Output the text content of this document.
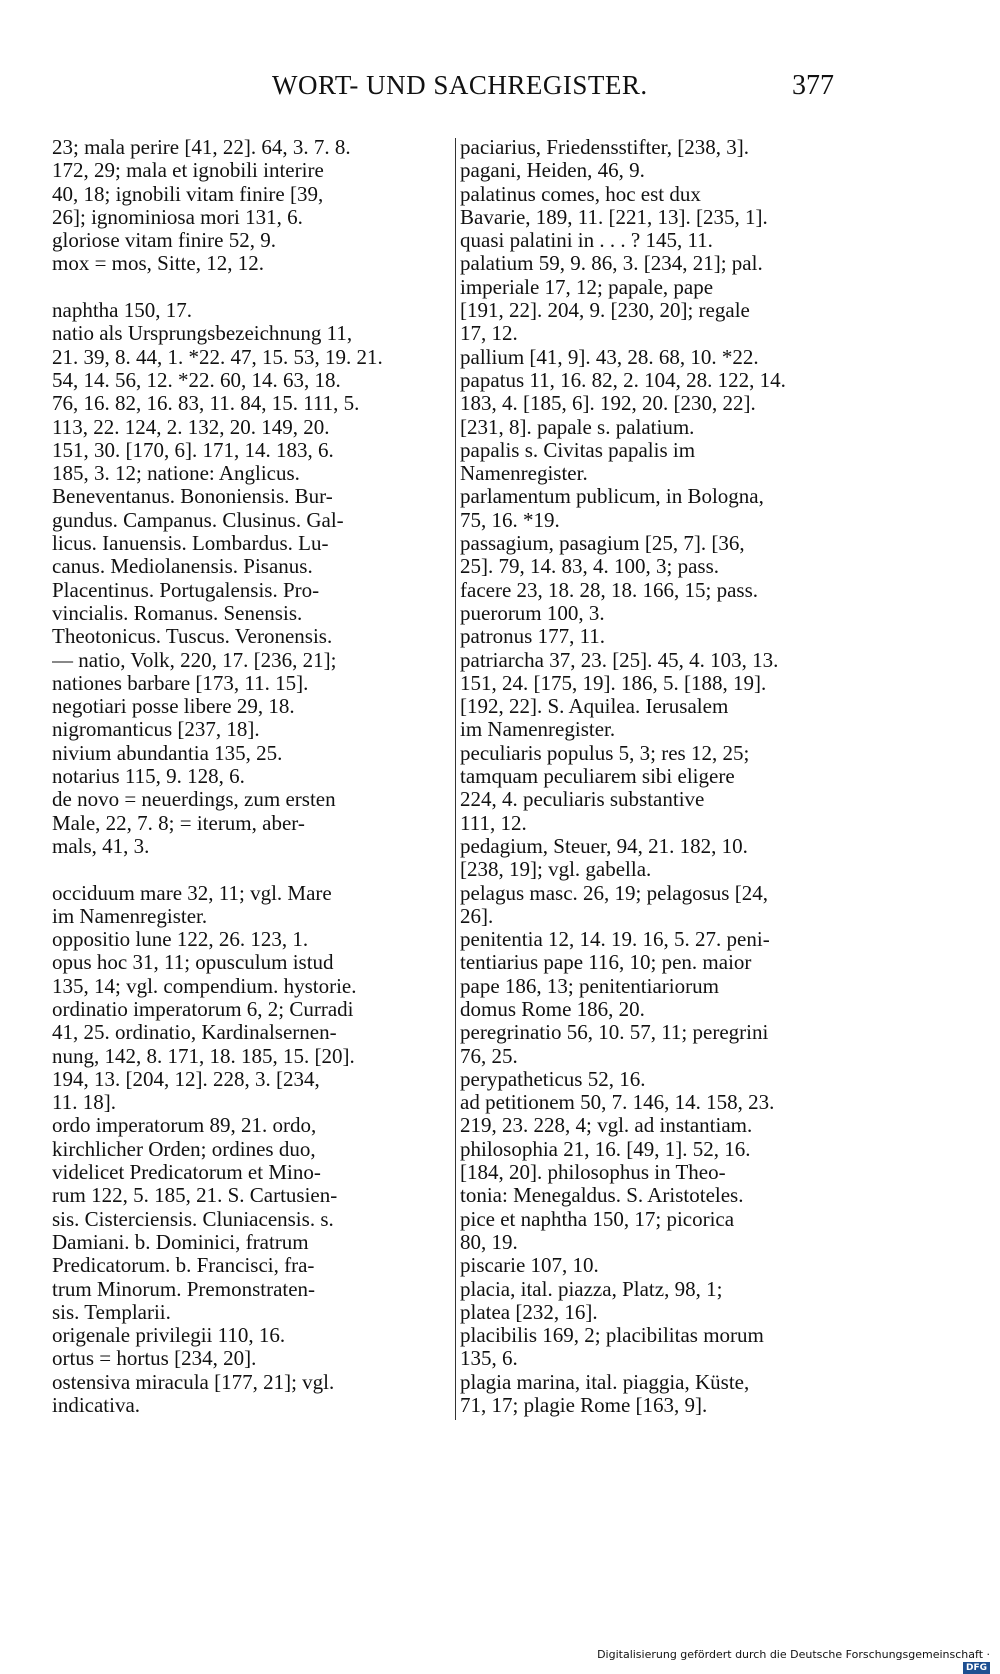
WORT- UND SACHREGISTER.	377
23; mala perire [41, 22]. 64, 3. 7. 8.
172, 29; mala et ignobili interire
40, 18; ignobili vitam finire [39,
26]; ignominiosa mori 131, 6.
gloriose vitam finire 52, 9.
mox = mos, Sitte, 12, 12.
naphtha 150, 17.
natio als Ursprungsbezeichnung 11,
21. 39, 8. 44, 1. *22. 47, 15. 53, 19. 21.
54, 14. 56, 12. *22. 60, 14. 63, 18.
76, 16. 82, 16. 83, 11. 84, 15. 111, 5.
113, 22. 124, 2. 132, 20. 149, 20.
151, 30. [170, 6]. 171, 14. 183, 6.
185, 3. 12; natione: Anglicus.
Beneventanus. Bononiensis. Bur-
gundus. Campanus. Clusinus. Gal-
licus. Ianuensis. Lombardus. Lu-
canus. Mediolanensis. Pisanus.
Placentinus. Portugalensis. Pro-
vincialis. Romanus. Senensis.
Theotonicus. Tuscus. Veronensis.
— natio, Volk, 220, 17. [236, 21];
nationes barbare [173, 11. 15].
negotiari posse libere 29, 18.
nigromanticus [237, 18].
nivium abundantia 135, 25.
notarius 115, 9. 128, 6.
de novo = neuerdings, zum ersten
Male, 22, 7. 8; = iterum, aber-
mals, 41, 3.
occiduum mare 32, 11; vgl. Mare
im Namenregister.
oppositio lune 122, 26. 123, 1.
opus hoc 31, 11; opusculum istud
135, 14; vgl. compendium. hystorie.
ordinatio imperatorum 6, 2; Curradi
41, 25. ordinatio, Kardinalsernen-
nung, 142, 8. 171, 18. 185, 15. [20].
194, 13. [204, 12]. 228, 3. [234,
11. 18].
ordo imperatorum 89, 21. ordo,
kirchlicher Orden; ordines duo,
videlicet Predicatorum et Mino-
rum 122, 5. 185, 21. S. Cartusien-
sis. Cisterciensis. Cluniacensis. s.
Damiani. b. Dominici, fratrum
Predicatorum. b. Francisci, fra-
trum Minorum. Premonstraten-
sis. Templarii.
origenale privilegii 110, 16.
ortus = hortus [234, 20].
ostensiva miracula [177, 21]; vgl.
indicativa.
paciarius, Friedensstifter, [238, 3].
pagani, Heiden, 46, 9.
palatinus comes, hoc est dux
Bavarie, 189, 11. [221, 13]. [235, 1].
quasi palatini in . . . ? 145, 11.
palatium 59, 9. 86, 3. [234, 21]; pal.
imperiale 17, 12; papale, pape
[191, 22]. 204, 9. [230, 20]; regale
17, 12.
pallium [41, 9]. 43, 28. 68, 10. *22.
papatus 11, 16. 82, 2. 104, 28. 122, 14.
183, 4. [185, 6]. 192, 20. [230, 22].
[231, 8]. papale s. palatium.
papalis s. Civitas papalis im
Namenregister.
parlamentum publicum, in Bologna,
75, 16. *19.
passagium, pasagium [25, 7]. [36,
25]. 79, 14. 83, 4. 100, 3; pass.
facere 23, 18. 28, 18. 166, 15; pass.
puerorum 100, 3.
patronus 177, 11.
patriarcha 37, 23. [25]. 45, 4. 103, 13.
151, 24. [175, 19]. 186, 5. [188, 19].
[192, 22]. S. Aquilea. Ierusalem
im Namenregister.
peculiaris populus 5, 3; res 12, 25;
tamquam peculiarem sibi eligere
224, 4. peculiaris substantive
111, 12.
pedagium, Steuer, 94, 21. 182, 10.
[238, 19]; vgl. gabella.
pelagus masc. 26, 19; pelagosus [24,
26].
penitentia 12, 14. 19. 16, 5. 27. peni-
tentiarius pape 116, 10; pen. maior
pape 186, 13; penitentiariorum
domus Rome 186, 20.
peregrinatio 56, 10. 57, 11; peregrini
76, 25.
perypatheticus 52, 16.
ad petitionem 50, 7. 146, 14. 158, 23.
219, 23. 228, 4; vgl. ad instantiam.
philosophia 21, 16. [49, 1]. 52, 16.
[184, 20]. philosophus in Theo-
tonia: Menegaldus. S. Aristoteles.
pice et naphtha 150, 17; picorica
80, 19.
piscarie 107, 10.
placia, ital. piazza, Platz, 98, 1;
platea [232, 16].
placibilis 169, 2; placibilitas morum
135, 6.
plagia marina, ital. piaggia, Küste,
71, 17; plagie Rome [163, 9].
Digitalisierung gefördert durch die Deutsche Forschungsgemeinschaft · DFG
